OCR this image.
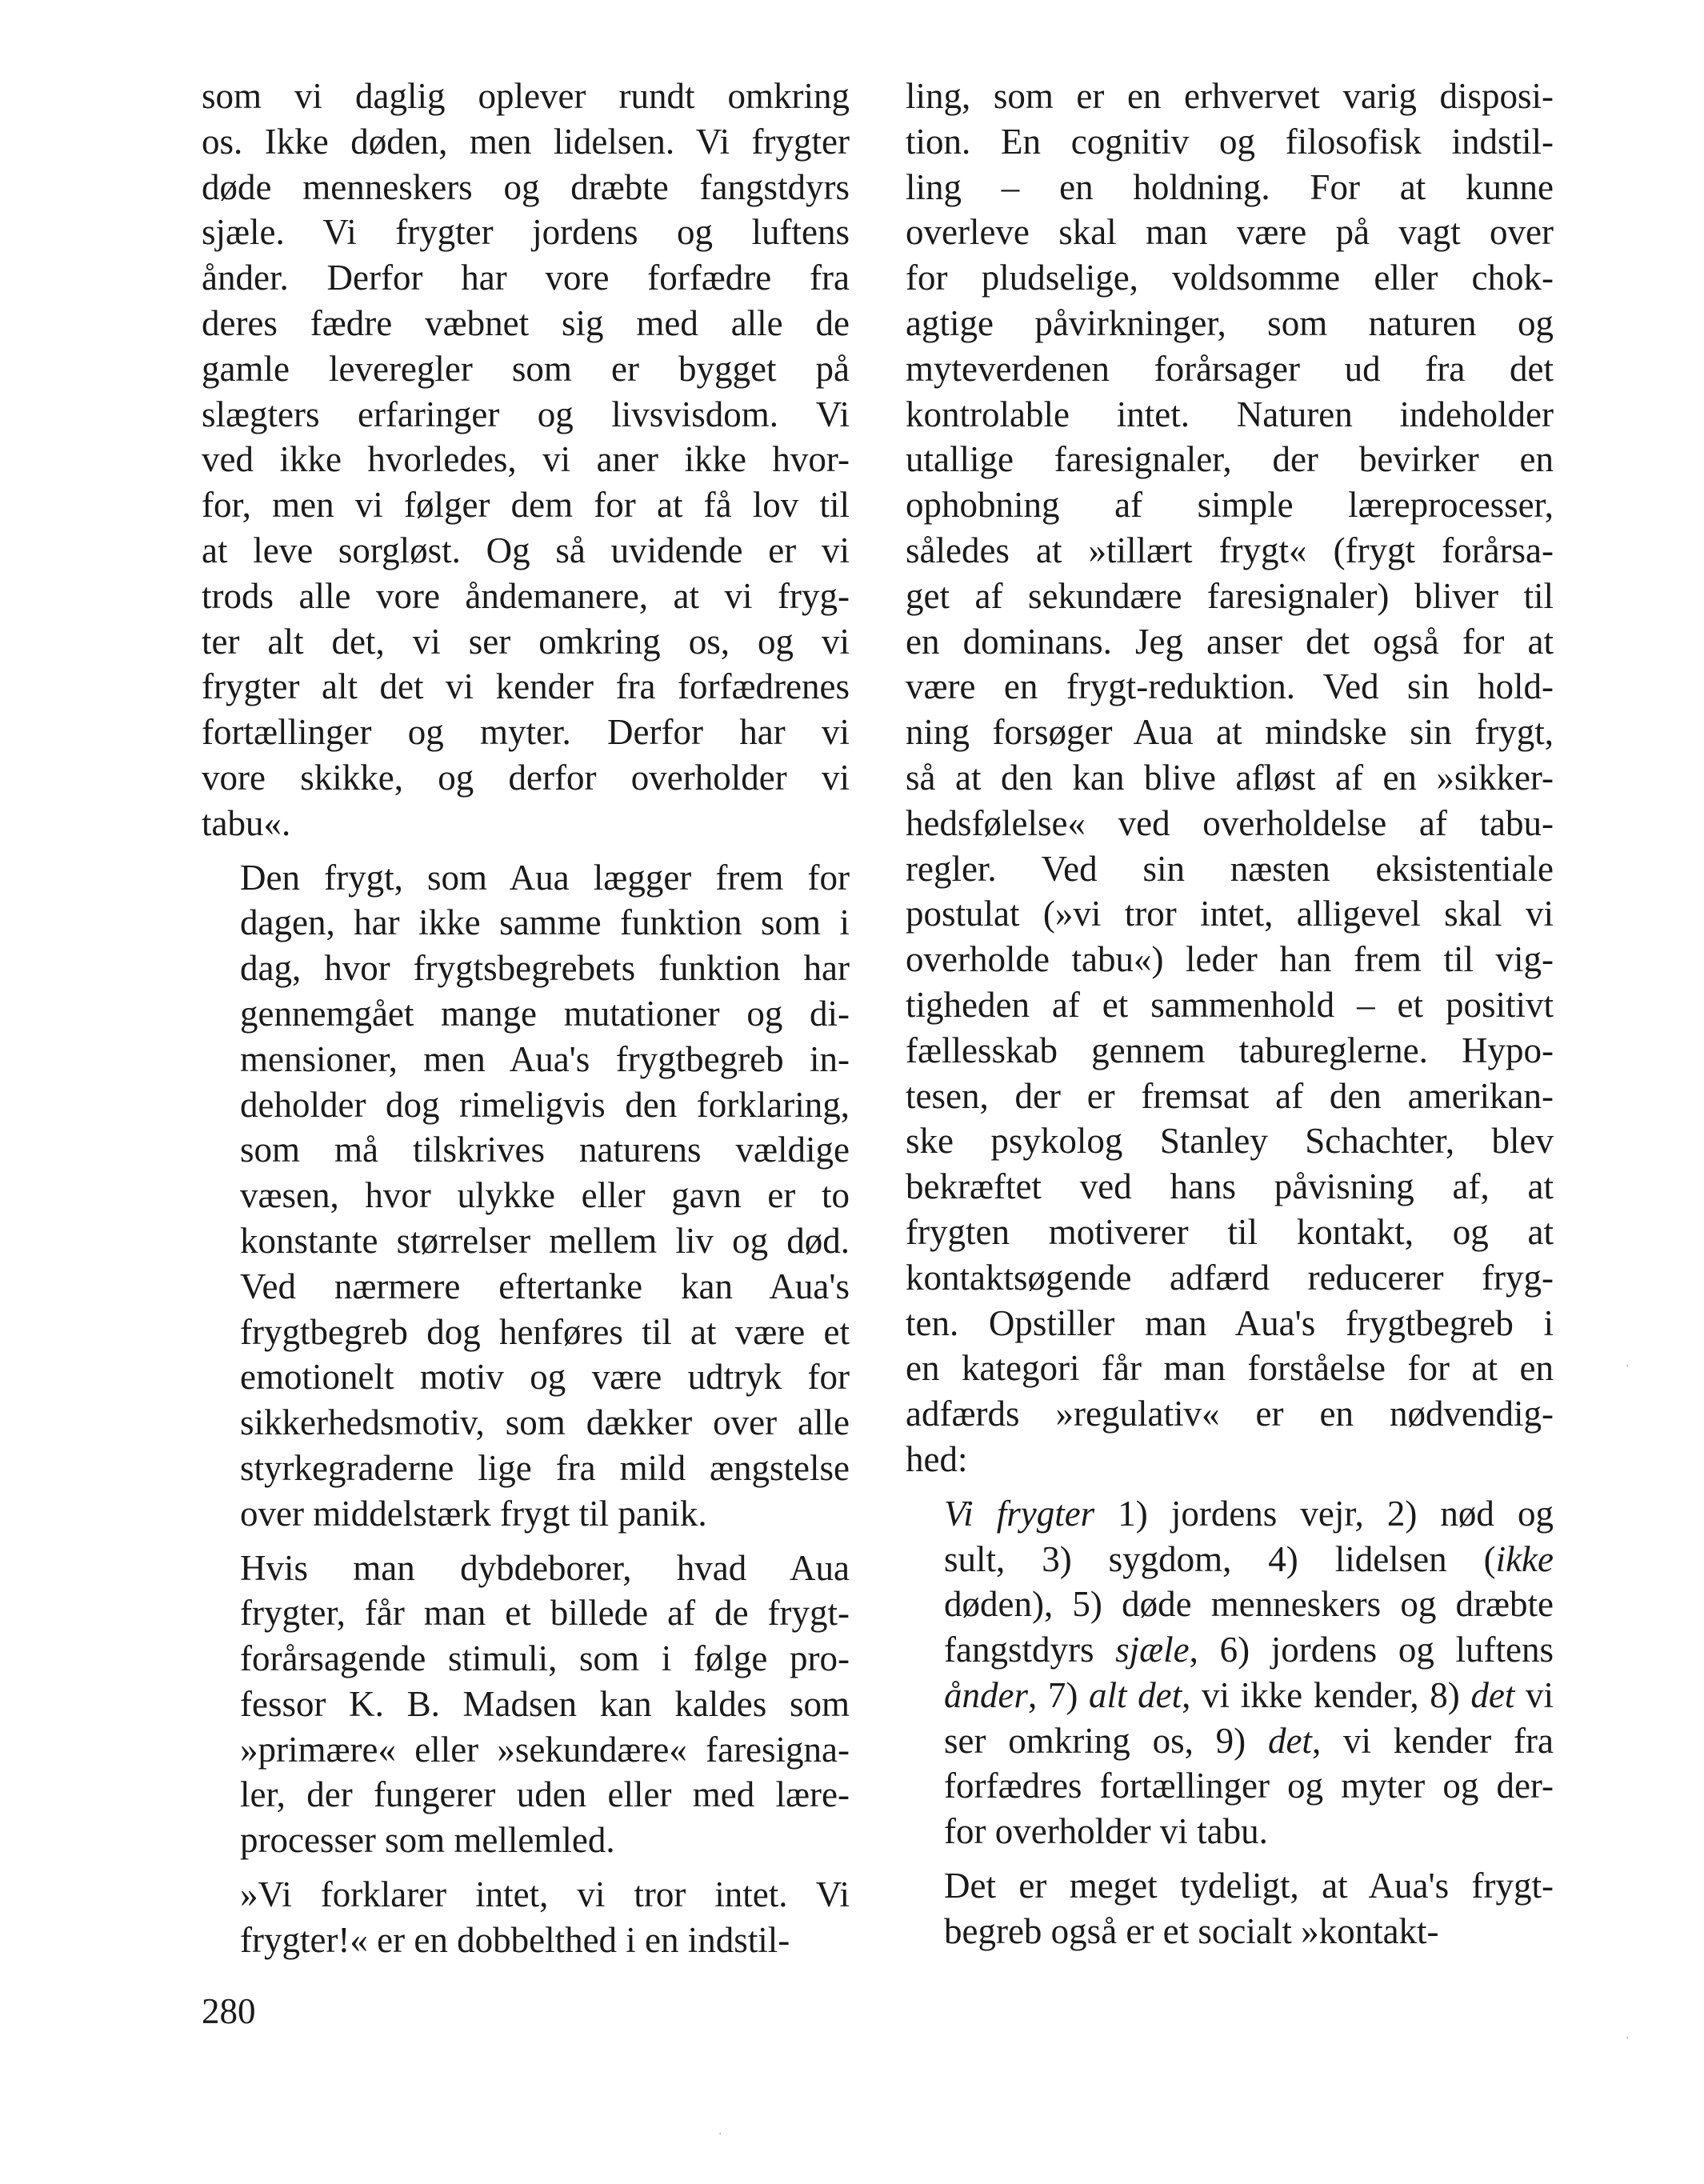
som vi daglig oplever rundt omkring
os. Ikke døden, men lidelsen. Vi frygter
døde menneskers og dræbte fangstdyrs
sjæle. Vi frygter jordens og luftens
ånder. Derfor har vore forfædre fra
deres fædre væbnet sig med alle de
gamle leveregler som er bygget på
slægters erfaringer og livsvisdom. Vi
ved ikke hvorledes, vi aner ikke hvor-
for, men vi følger dem for at få lov til
at leve sorgløst. Og så uvidende er vi
trods alle vore åndemanere, at vi fryg-
ter alt det, vi ser omkring os, og vi
frygter alt det vi kender fra forfædrenes
fortællinger og myter. Derfor har vi
vore skikke, og derfor overholder vi
tabu«.

Den frygt, som Aua lægger frem for
dagen, har ikke samme funktion som i
dag, hvor frygtsbegrebets funktion har
gennemgået mange mutationer og di-
mensioner, men Aua's frygtbegreb in-
deholder dog rimeligvis den forklaring,
som må tilskrives naturens vældige
væsen, hvor ulykke eller gavn er to
konstante størrelser mellem liv og død.
Ved nærmere eftertanke kan Aua's
frygtbegreb dog henføres til at være et
emotionelt motiv og være udtryk for
sikkerhedsmotiv, som dækker over alle
styrkegraderne lige fra mild ængstelse
over middelstærk frygt til panik.

Hvis man dybdeborer, hvad Aua
frygter, får man et billede af de frygt-
forårsagende stimuli, som i følge pro-
fessor K. B. Madsen kan kaldes som
»primære« eller »sekundære« faresigna-
ler, der fungerer uden eller med lære-
processer som mellemled.

»Vi forklarer intet, vi tror intet. Vi
frygter!« er en dobbelthed i en indstil-

ling, som er en erhvervet varig disposi-
tion. En cognitiv og filosofisk indstil-
ling – en holdning. For at kunne
overleve skal man være på vagt over
for pludselige, voldsomme eller chok-
agtige påvirkninger, som naturen og
myteverdenen forårsager ud fra det
kontrolable intet. Naturen indeholder
utallige faresignaler, der bevirker en
ophobning af simple læreprocesser,
således at »tillært frygt« (frygt forårsa-
get af sekundære faresignaler) bliver til
en dominans. Jeg anser det også for at
være en frygt-reduktion. Ved sin hold-
ning forsøger Aua at mindske sin frygt,
så at den kan blive afløst af en »sikker-
hedsfølelse« ved overholdelse af tabu-
regler. Ved sin næsten eksistentiale
postulat (»vi tror intet, alligevel skal vi
overholde tabu«) leder han frem til vig-
tigheden af et sammenhold – et positivt
fællesskab gennem tabureglerne. Hypo-
tesen, der er fremsat af den amerikan-
ske psykolog Stanley Schachter, blev
bekræftet ved hans påvisning af, at
frygten motiverer til kontakt, og at
kontaktsøgende adfærd reducerer fryg-
ten. Opstiller man Aua's frygtbegreb i
en kategori får man forståelse for at en
adfærds »regulativ« er en nødvendig-
hed:

Vi frygter 1) jordens vejr, 2) nød og
sult, 3) sygdom, 4) lidelsen (ikke
døden), 5) døde menneskers og dræbte
fangstdyrs sjæle, 6) jordens og luftens
ånder, 7) alt det, vi ikke kender, 8) det vi
ser omkring os, 9) det, vi kender fra
forfædres fortællinger og myter og der-
for overholder vi tabu.

Det er meget tydeligt, at Aua's frygt-
begreb også er et socialt »kontakt-

280
·
·
·
